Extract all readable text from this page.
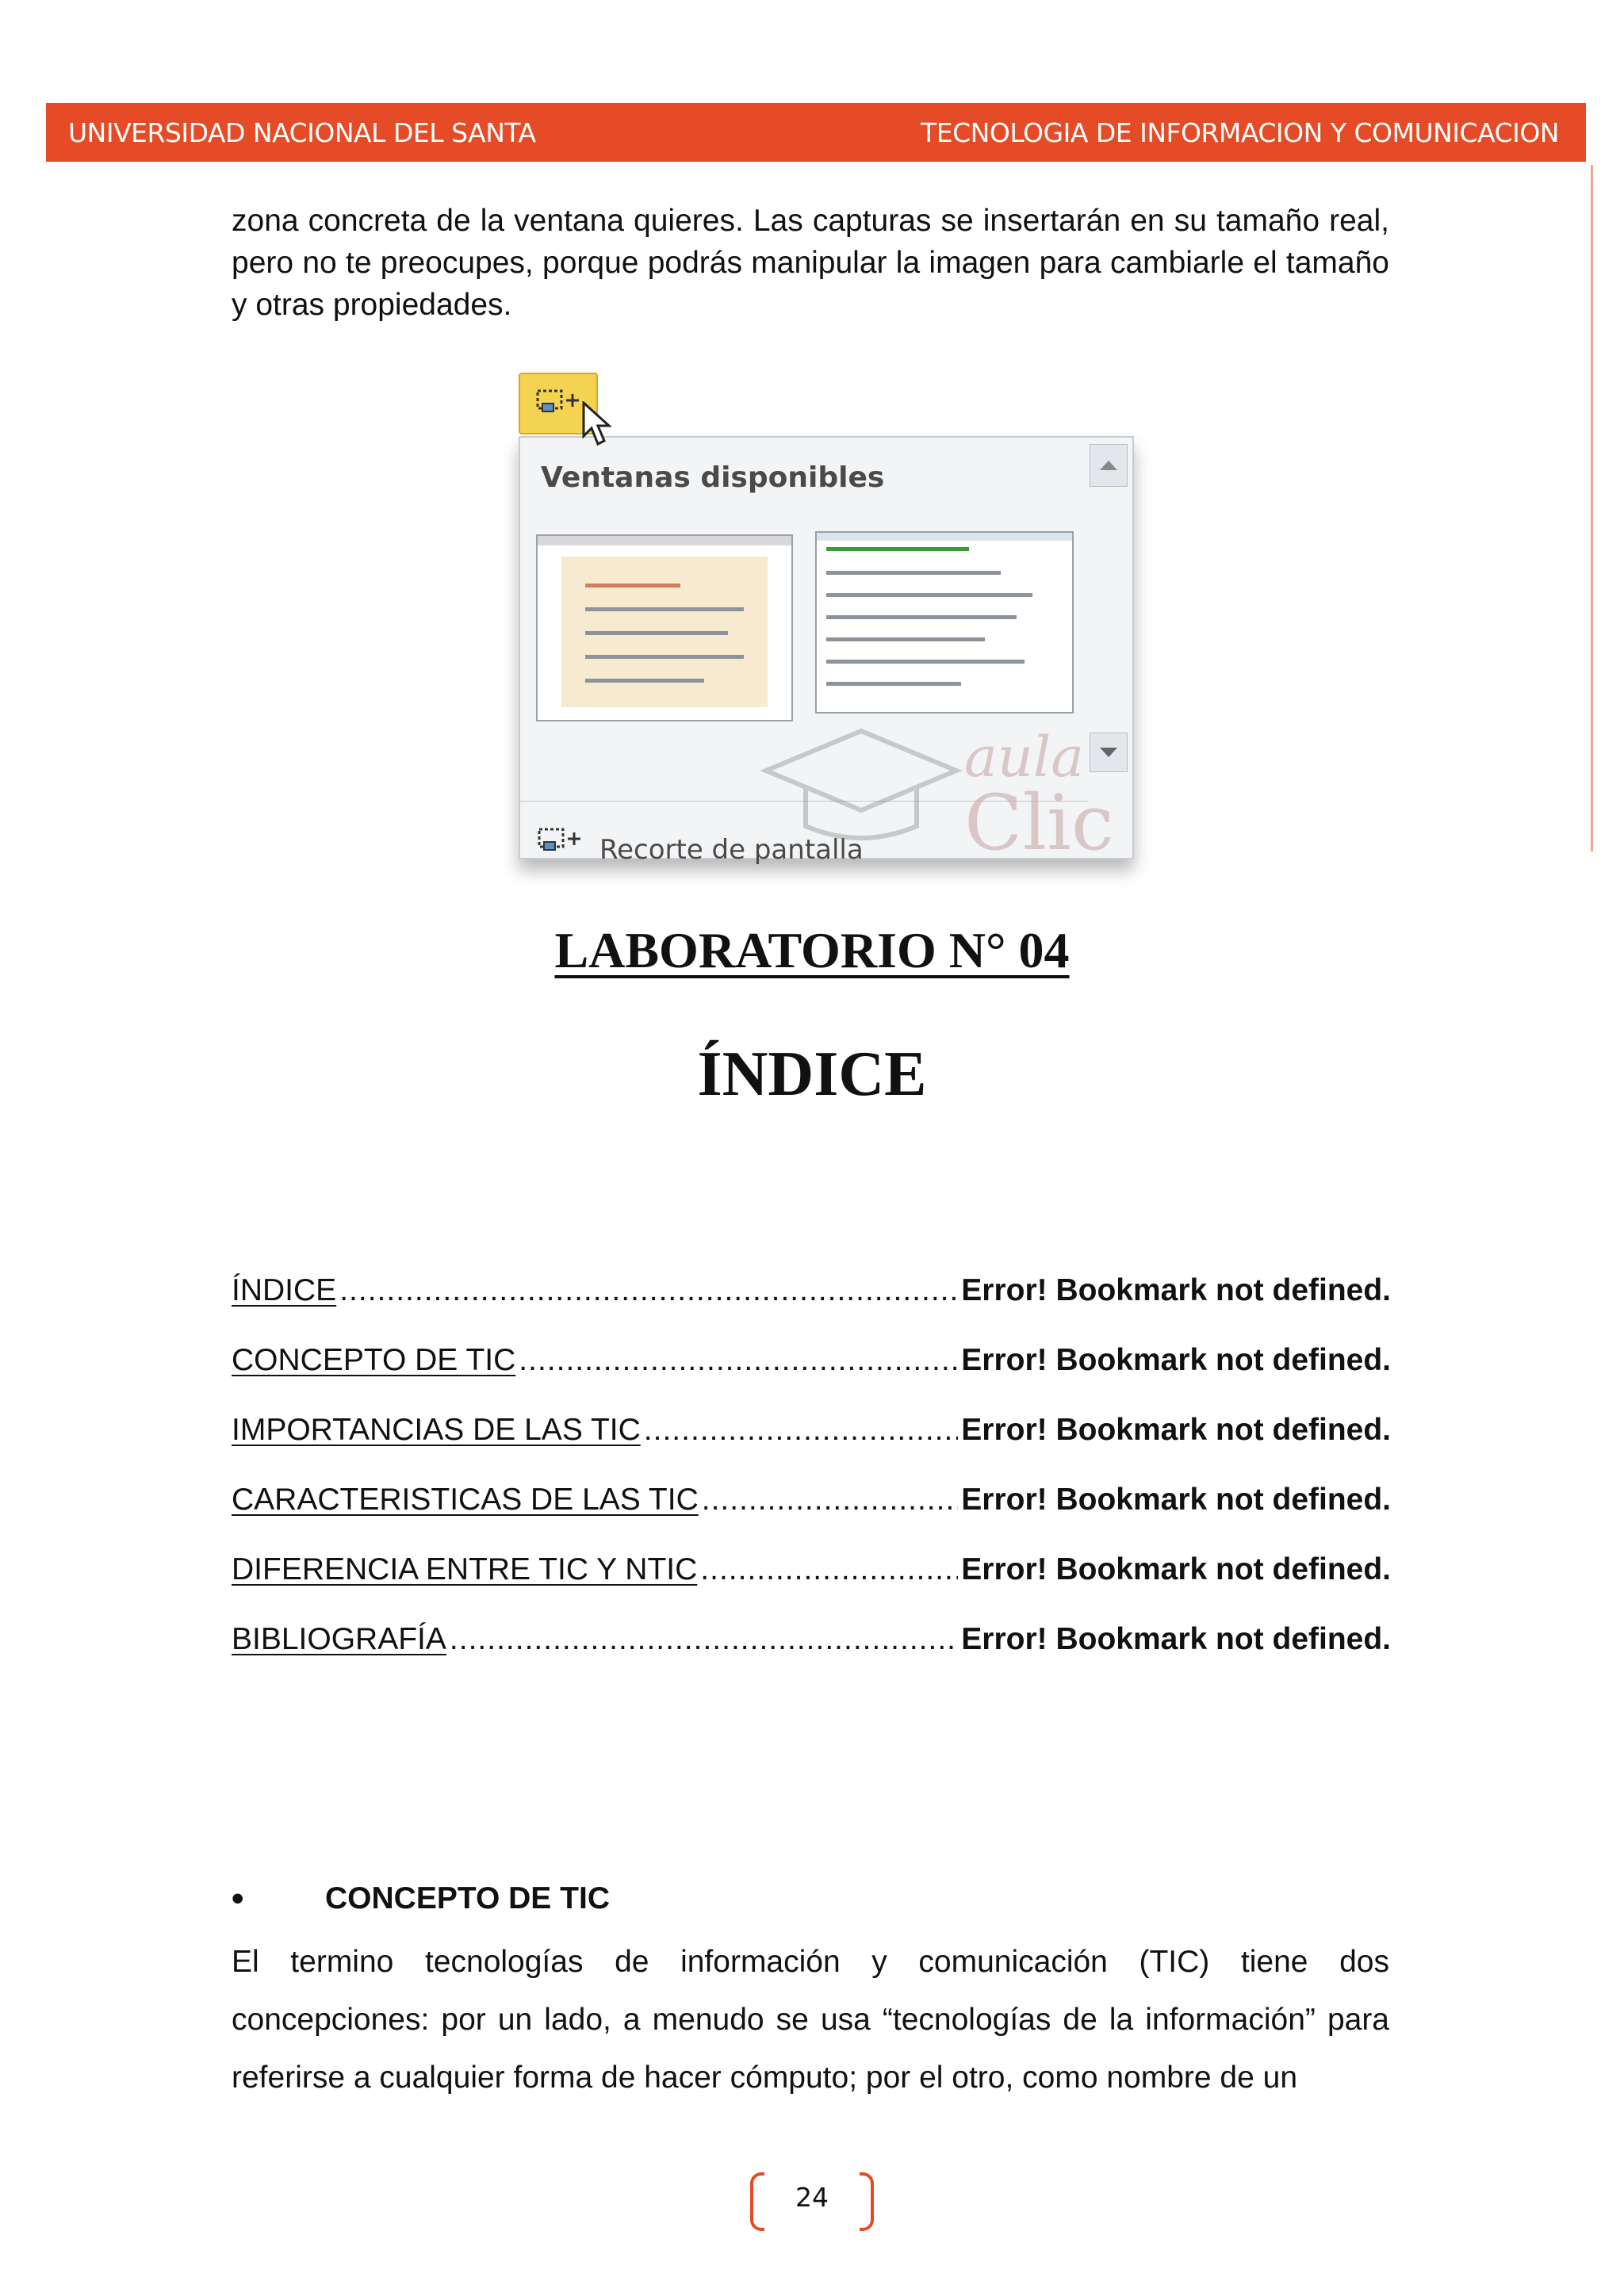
UNIVERSIDAD NACIONAL DEL SANTA	TECNOLOGIA DE INFORMACION Y COMUNICACION

zona concreta de la ventana quieres. Las capturas se insertarán en su tamaño real, pero no te preocupes, porque podrás manipular la imagen para cambiarle el tamaño y otras propiedades.

Ventanas disponibles
Recorte de pantalla
aula
Clic
LABORATORIO N° 04
ÍNDICE
ÍNDICE .....	Error! Bookmark not defined.
CONCEPTO DE TIC .....	Error! Bookmark not defined.
IMPORTANCIAS DE LAS TIC .....	Error! Bookmark not defined.
CARACTERISTICAS DE LAS TIC .....	Error! Bookmark not defined.
DIFERENCIA ENTRE TIC Y NTIC .....	Error! Bookmark not defined.
BIBLIOGRAFÍA .....	Error! Bookmark not defined.
•	CONCEPTO DE TIC

El termino tecnologías de información y comunicación (TIC) tiene dos concepciones: por un lado, a menudo se usa “tecnologías de la información” para referirse a cualquier forma de hacer cómputo; por el otro, como nombre de un

24
